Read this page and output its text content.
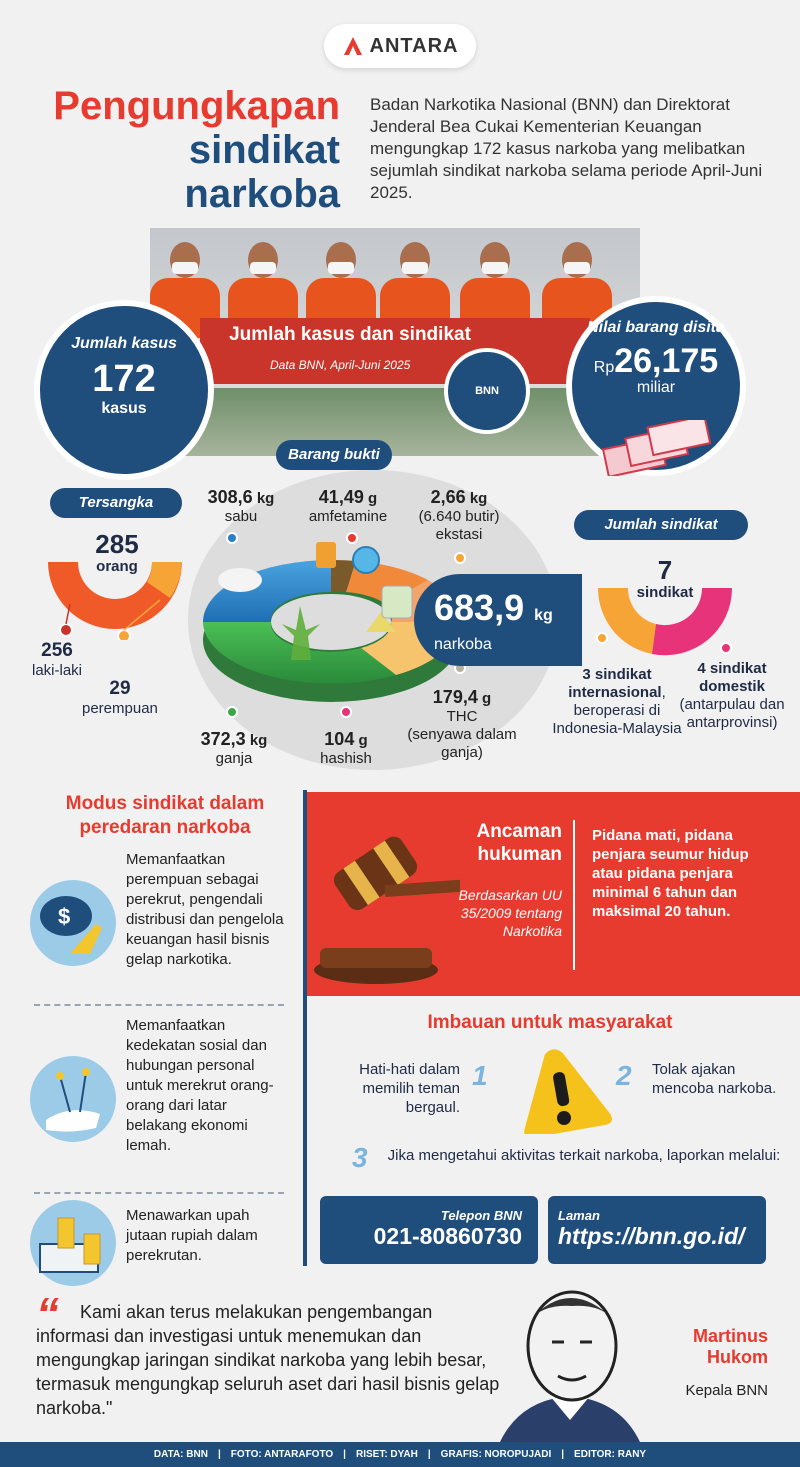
ANTARA
Pengungkapan
sindikat
narkoba
Badan Narkotika Nasional (BNN) dan Direktorat Jenderal Bea Cukai Kementerian Keuangan mengungkap 172 kasus narkoba yang melibatkan sejumlah sindikat narkoba selama periode April-Juni 2025.
Jumlah kasus dan sindikat
Data BNN, April-Juni 2025
BNN
Jumlah kasus
172
kasus
Nilai barang disita
Rp26,175
miliar
Barang bukti
Tersangka
Jumlah sindikat
285
orang
256
laki-laki
29
perempuan
308,6 kg
sabu
41,49 g
amfetamine
2,66 kg
(6.640 butir)
ekstasi
179,4 g
THC
(senyawa dalam ganja)
104 g
hashish
372,3 kg
ganja
683,9 kg
narkoba
7
sindikat
3 sindikat internasional, beroperasi di Indonesia-Malaysia
4 sindikat domestik
(antarpulau dan antarprovinsi)
Modus sindikat dalam peredaran narkoba
$
Memanfaatkan perempuan sebagai perekrut, pengendali distribusi dan pengelola keuangan hasil bisnis gelap narkotika.
Memanfaatkan kedekatan sosial dan hubungan personal untuk merekrut orang-orang dari latar belakang ekonomi lemah.
Menawarkan upah jutaan rupiah dalam perekrutan.
Ancaman hukuman
Berdasarkan UU 35/2009 tentang Narkotika
Pidana mati, pidana penjara seumur hidup atau pidana penjara minimal 6 tahun dan maksimal 20 tahun.
Imbauan untuk masyarakat
1	2
3
Hati-hati dalam memilih teman bergaul.
Tolak ajakan mencoba narkoba.
Jika mengetahui aktivitas terkait narkoba, laporkan melalui:
Telepon BNN
021-80860730
Laman
https://bnn.go.id/
“	Kami akan terus melakukan pengembangan informasi dan investigasi untuk menemukan dan mengungkap jaringan sindikat narkoba yang lebih besar, termasuk mengungkap seluruh aset dari hasil bisnis gelap narkoba."
Martinus Hukom
Kepala BNN
DATA: BNN | FOTO: ANTARAFOTO | RISET: DYAH | GRAFIS: NOROPUJADI | EDITOR: RANY
